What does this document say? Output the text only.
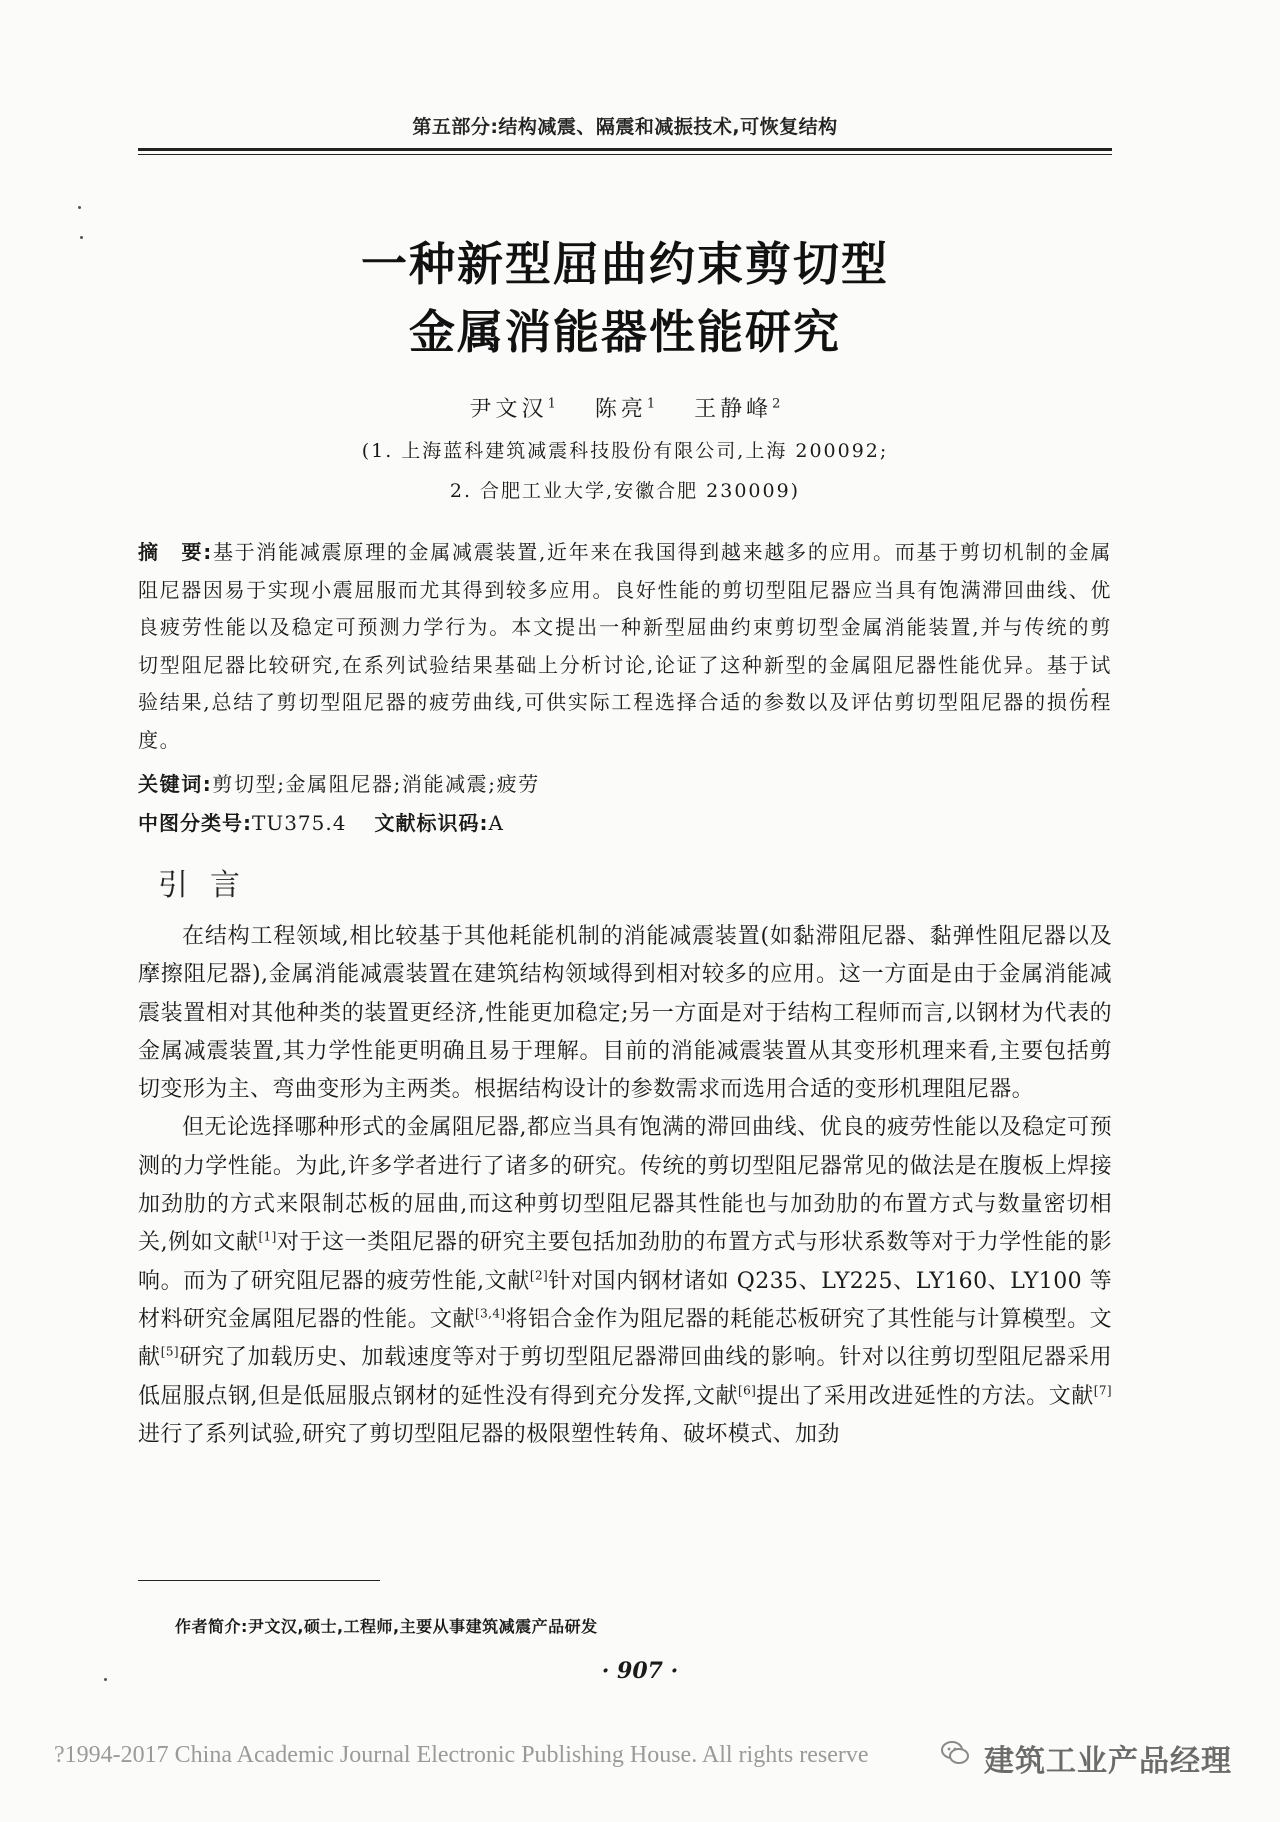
第五部分:结构减震、隔震和减振技术,可恢复结构
一种新型屈曲约束剪切型
金属消能器性能研究
尹文汉$^1$ 陈亮$^1$ 王静峰$^2$
(1. 上海蓝科建筑减震科技股份有限公司,上海 200092;
2. 合肥工业大学,安徽合肥 230009)
摘　要:基于消能减震原理的金属减震装置,近年来在我国得到越来越多的应用。而基于剪切机制的金属阻尼器因易于实现小震屈服而尤其得到较多应用。良好性能的剪切型阻尼器应当具有饱满滞回曲线、优良疲劳性能以及稳定可预测力学行为。本文提出一种新型屈曲约束剪切型金属消能装置,并与传统的剪切型阻尼器比较研究,在系列试验结果基础上分析讨论,论证了这种新型的金属阻尼器性能优异。基于试验结果,总结了剪切型阻尼器的疲劳曲线,可供实际工程选择合适的参数以及评估剪切型阻尼器的损伤程度。
关键词:剪切型;金属阻尼器;消能减震;疲劳
中图分类号:TU375.4 文献标识码:A
引言

在结构工程领域,相比较基于其他耗能机制的消能减震装置(如黏滞阻尼器、黏弹性阻尼器以及摩擦阻尼器),金属消能减震装置在建筑结构领域得到相对较多的应用。这一方面是由于金属消能减震装置相对其他种类的装置更经济,性能更加稳定;另一方面是对于结构工程师而言,以钢材为代表的金属减震装置,其力学性能更明确且易于理解。目前的消能减震装置从其变形机理来看,主要包括剪切变形为主、弯曲变形为主两类。根据结构设计的参数需求而选用合适的变形机理阻尼器。

但无论选择哪种形式的金属阻尼器,都应当具有饱满的滞回曲线、优良的疲劳性能以及稳定可预测的力学性能。为此,许多学者进行了诸多的研究。传统的剪切型阻尼器常见的做法是在腹板上焊接加劲肋的方式来限制芯板的屈曲,而这种剪切型阻尼器其性能也与加劲肋的布置方式与数量密切相关,例如文献[1]对于这一类阻尼器的研究主要包括加劲肋的布置方式与形状系数等对于力学性能的影响。而为了研究阻尼器的疲劳性能,文献[2]针对国内钢材诸如 Q235、LY225、LY160、LY100 等材料研究金属阻尼器的性能。文献[3,4]将铝合金作为阻尼器的耗能芯板研究了其性能与计算模型。文献[5]研究了加载历史、加载速度等对于剪切型阻尼器滞回曲线的影响。针对以往剪切型阻尼器采用低屈服点钢,但是低屈服点钢材的延性没有得到充分发挥,文献[6]提出了采用改进延性的方法。文献[7]进行了系列试验,研究了剪切型阻尼器的极限塑性转角、破坏模式、加劲

作者简介:尹文汉,硕士,工程师,主要从事建筑减震产品研发
· 907 ·
?1994-2017 China Academic Journal Electronic Publishing House. All rights reserve	建筑工业产品经理
